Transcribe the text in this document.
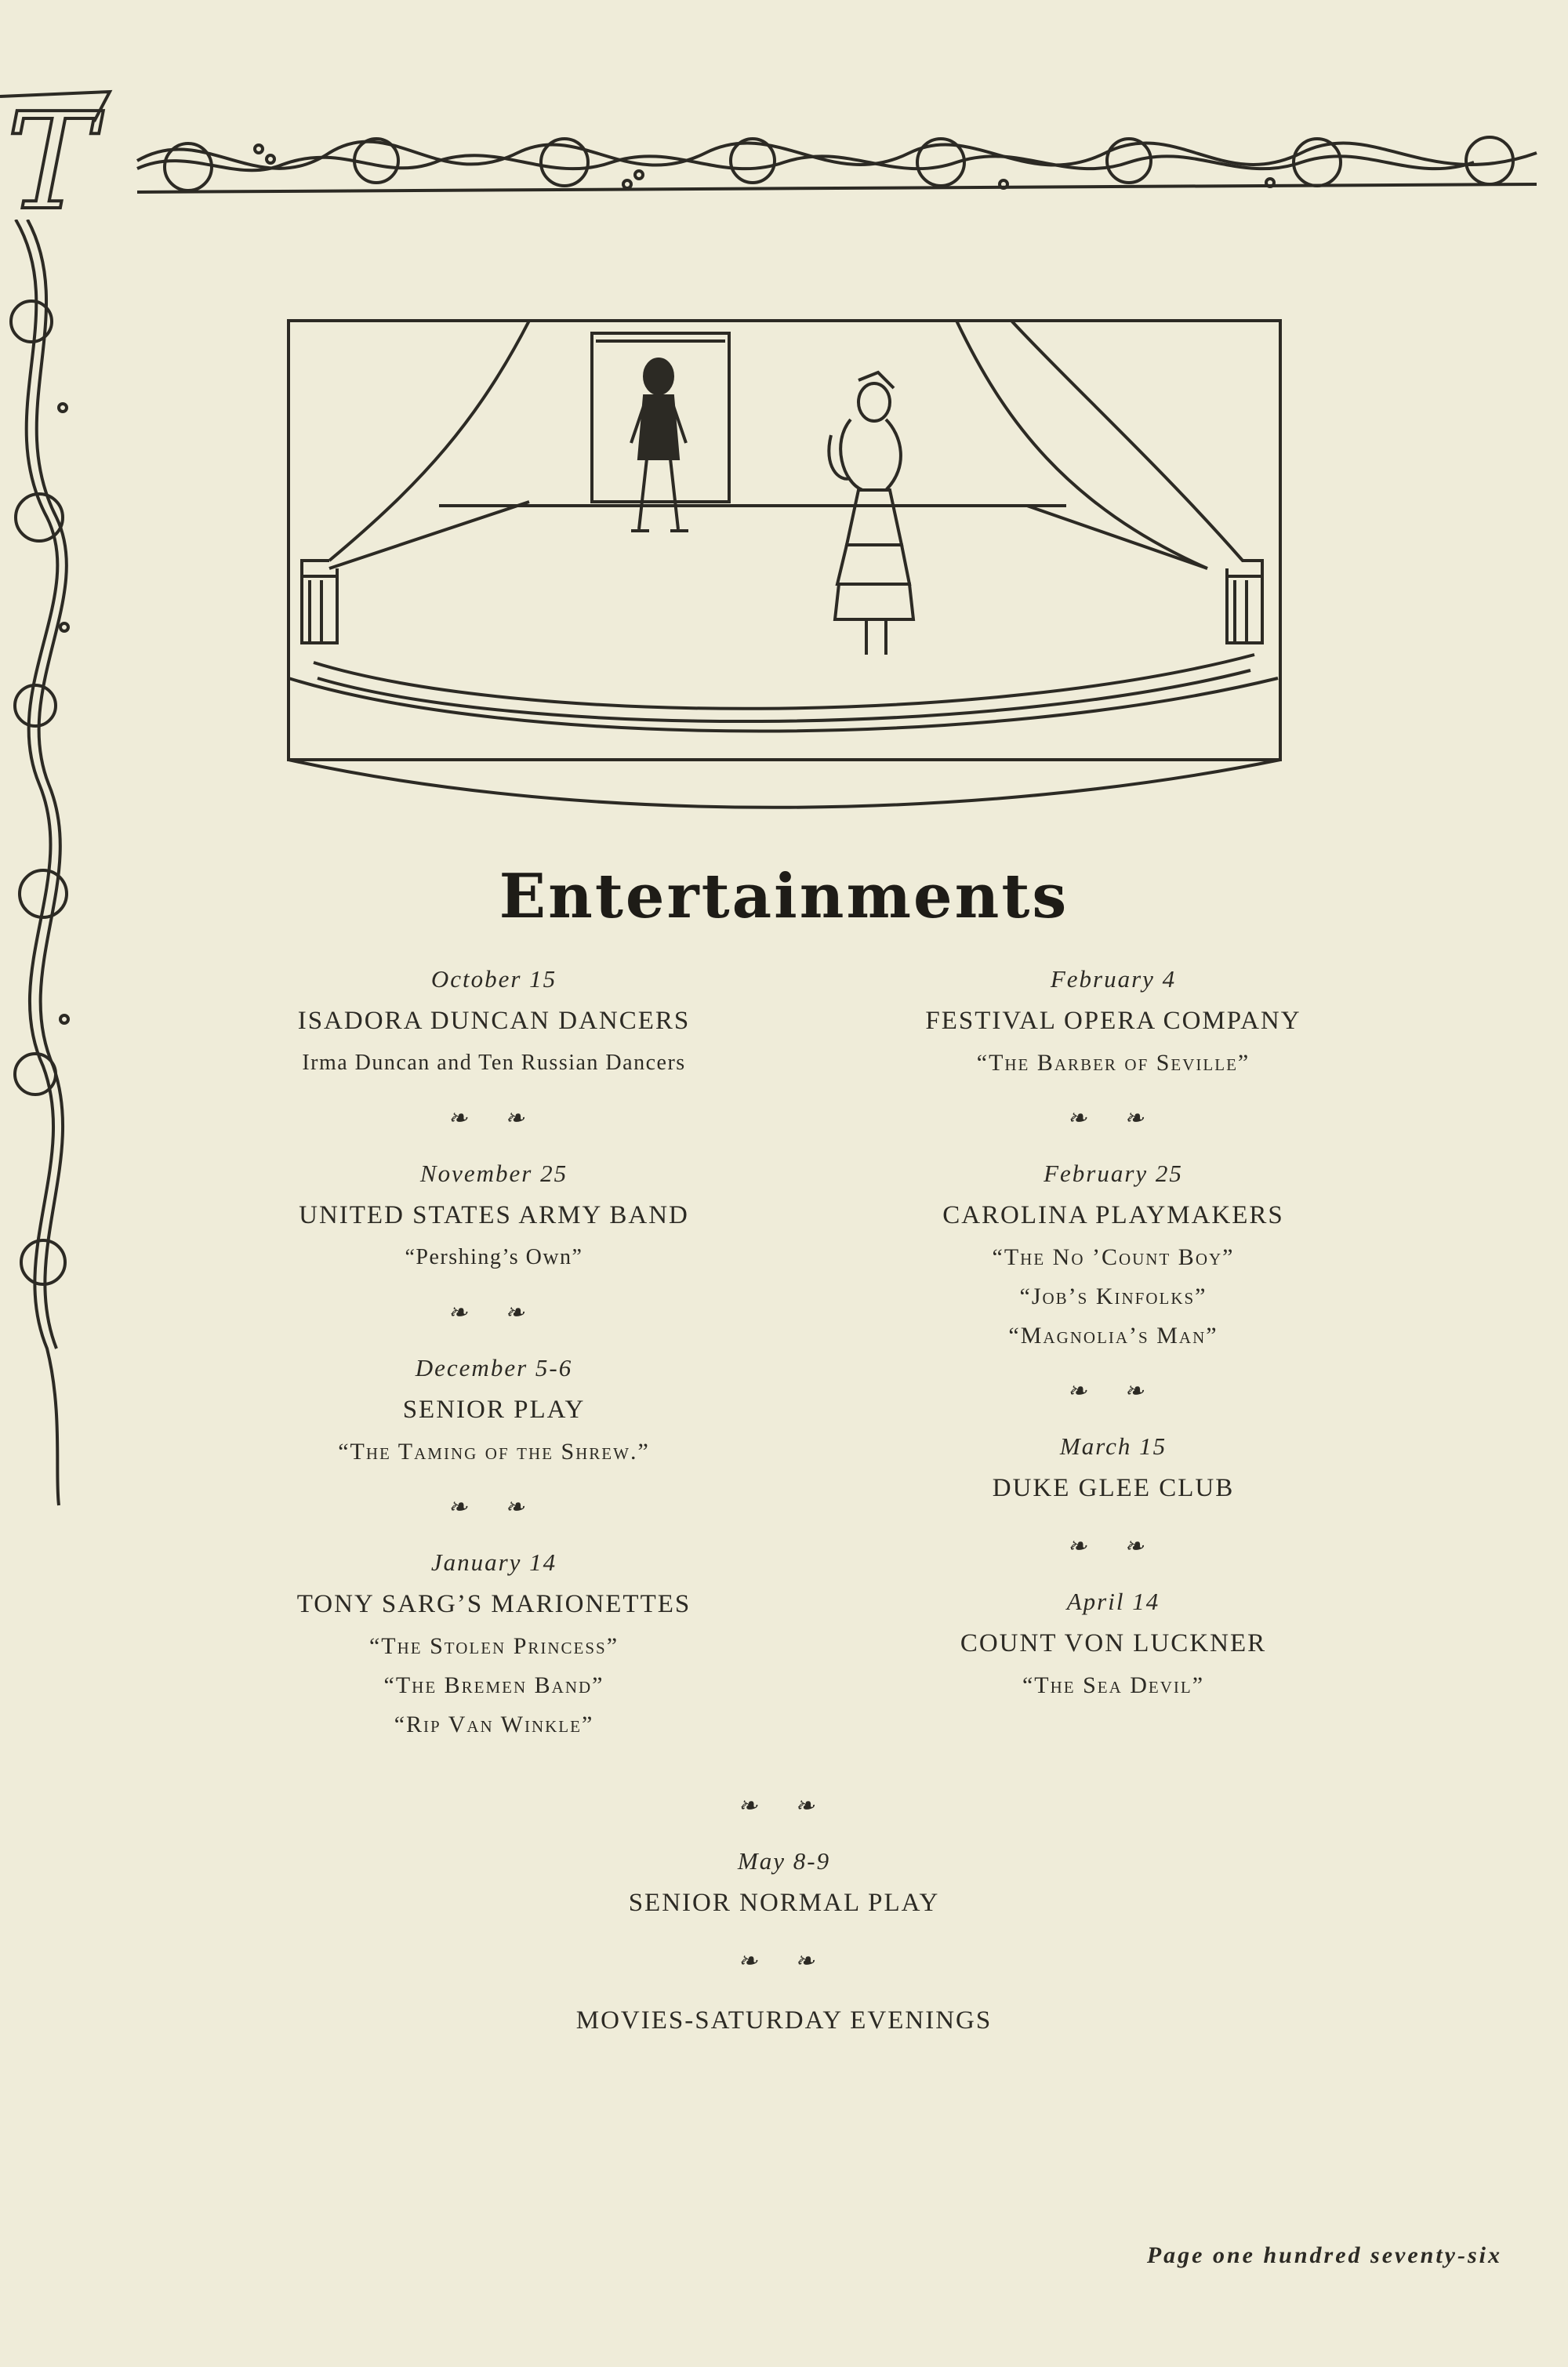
T
Entertainments
October 15
ISADORA DUNCAN DANCERS
Irma Duncan and Ten Russian Dancers
❧ ❧
November 25
UNITED STATES ARMY BAND
“Pershing’s Own”
❧ ❧
December 5-6
SENIOR PLAY
“The Taming of the Shrew.”
❧ ❧
January 14
TONY SARG’S MARIONETTES
“The Stolen Princess”
“The Bremen Band”
“Rip Van Winkle”
February 4
FESTIVAL OPERA COMPANY
“The Barber of Seville”
❧ ❧
February 25
CAROLINA PLAYMAKERS
“The No ’Count Boy”
“Job’s Kinfolks”
“Magnolia’s Man”
❧ ❧
March 15
DUKE GLEE CLUB
❧ ❧
April 14
COUNT VON LUCKNER
“The Sea Devil”
❧ ❧
May 8-9
SENIOR NORMAL PLAY
❧ ❧
MOVIES-SATURDAY EVENINGS
Page one hundred seventy-six
